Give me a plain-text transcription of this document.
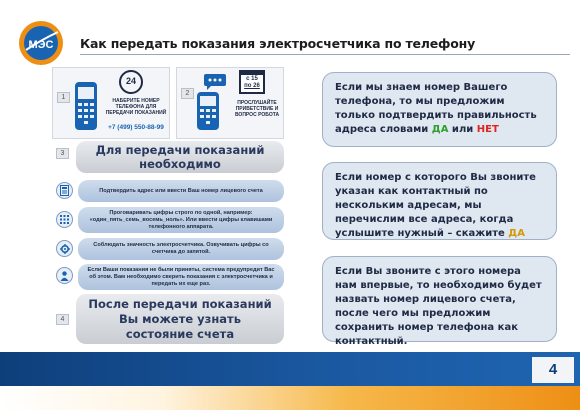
МЭС Как передать показания электросчетчика по телефону
1
24
НАБЕРИТЕ НОМЕР ТЕЛЕФОНА ДЛЯ ПЕРЕДАЧИ ПОКАЗАНИЙ
+7 (499) 550-88-99
2
с 15
по 26
ПРОСЛУШАЙТЕ ПРИВЕТСТВИЕ И ВОПРОС РОБОТА
3	Для передачи показаний необходимо
Подтвердить адрес или ввести Ваш номер лицевого счета
Проговаривать цифры строго по одной, например: «один_пять_семь_восемь_ноль». Или ввести цифры клавишами телефонного аппарата.
Соблюдать значность электросчетчика. Озвучивать цифры со счетчика до запятой.
Если Ваши показания не были приняты, система предупредит Вас об этом. Вам необходимо сверить показания с электросчетчика и передать их еще раз.
4
После передачи показаний Вы можете узнать состояние счета
Если мы знаем номер Вашего телефона, то мы предложим только подтвердить правильность адреса словами ДА или НЕТ
Если номер с которого Вы звоните указан как контактный по нескольким адресам, мы перечислим все адреса, когда услышите нужный – скажите ДА
Если Вы звоните с этого номера нам впервые, то необходимо будет назвать номер лицевого счета, после чего мы предложим сохранить номер телефона как контактный.
4
